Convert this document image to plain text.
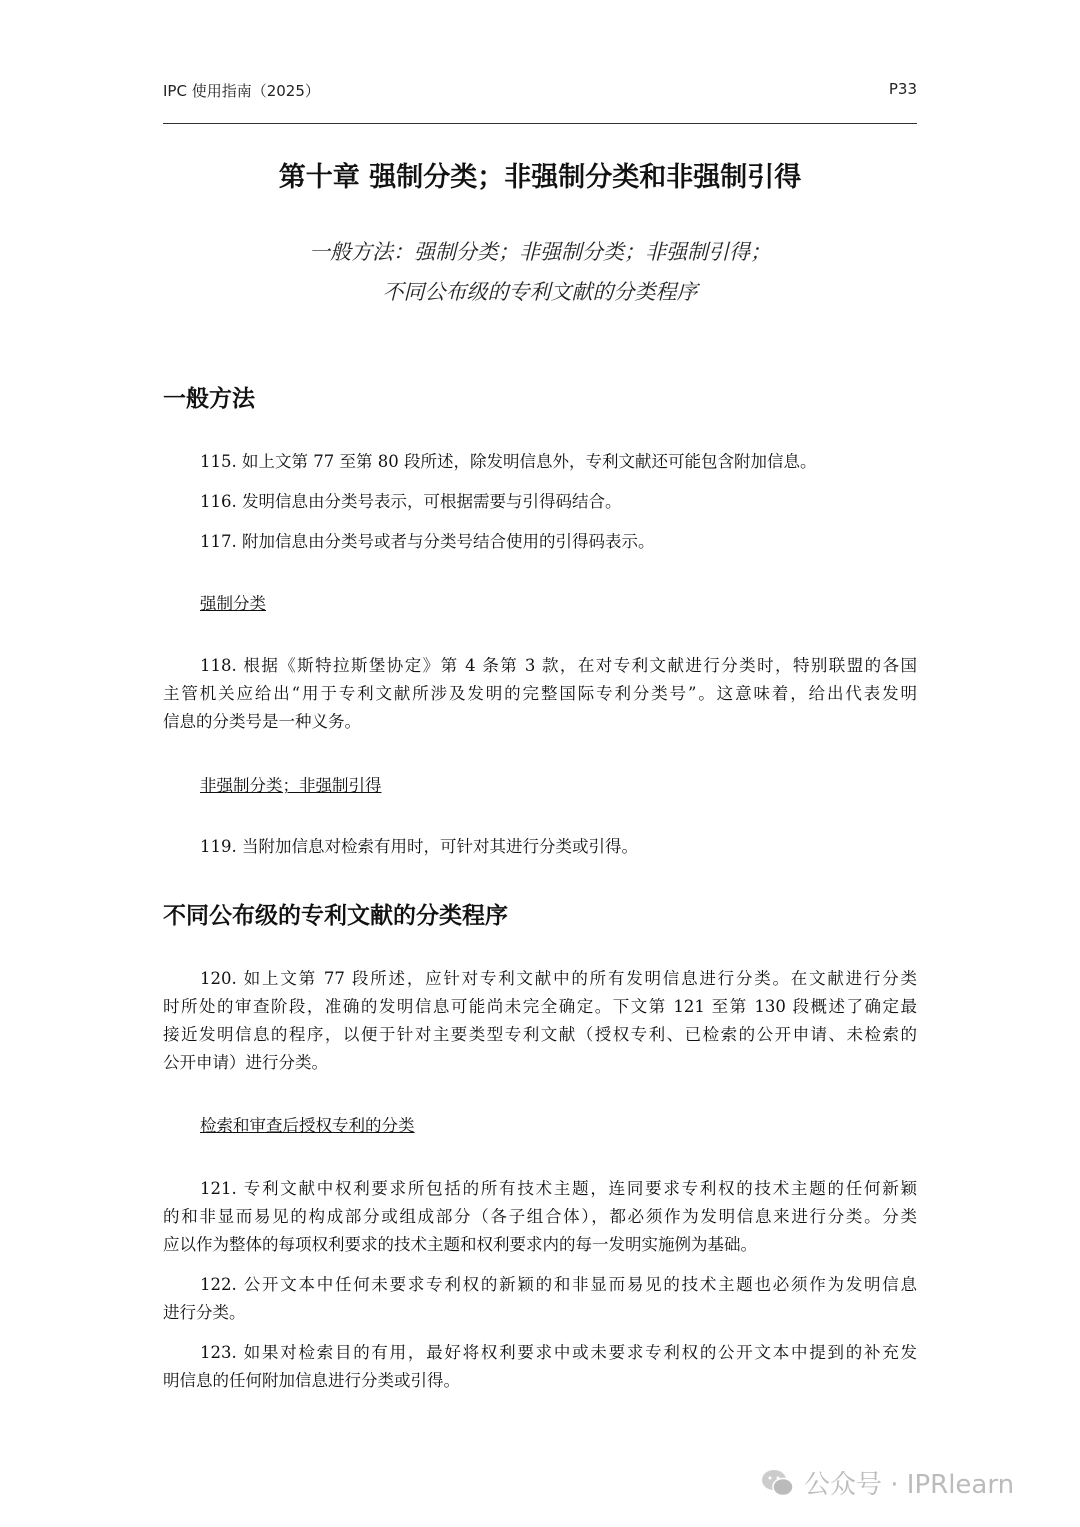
IPC 使用指南（2025）	P33
第十章 强制分类；非强制分类和非强制引得
一般方法：强制分类；非强制分类；非强制引得；
不同公布级的专利文献的分类程序
一般方法
115. 如上文第 77 至第 80 段所述，除发明信息外，专利文献还可能包含附加信息。
116. 发明信息由分类号表示，可根据需要与引得码结合。
117. 附加信息由分类号或者与分类号结合使用的引得码表示。
强制分类
118. 根据《斯特拉斯堡协定》第 4 条第 3 款，在对专利文献进行分类时，特别联盟的各国
主管机关应给出“用于专利文献所涉及发明的完整国际专利分类号”。这意味着，给出代表发明
信息的分类号是一种义务。
非强制分类；非强制引得
119. 当附加信息对检索有用时，可针对其进行分类或引得。
不同公布级的专利文献的分类程序
120. 如上文第 77 段所述，应针对专利文献中的所有发明信息进行分类。在文献进行分类
时所处的审查阶段，准确的发明信息可能尚未完全确定。下文第 121 至第 130 段概述了确定最
接近发明信息的程序，以便于针对主要类型专利文献（授权专利、已检索的公开申请、未检索的
公开申请）进行分类。
检索和审查后授权专利的分类
121. 专利文献中权利要求所包括的所有技术主题，连同要求专利权的技术主题的任何新颖
的和非显而易见的构成部分或组成部分（各子组合体），都必须作为发明信息来进行分类。分类
应以作为整体的每项权利要求的技术主题和权利要求内的每一发明实施例为基础。
122. 公开文本中任何未要求专利权的新颖的和非显而易见的技术主题也必须作为发明信息
进行分类。
123. 如果对检索目的有用，最好将权利要求中或未要求专利权的公开文本中提到的补充发
明信息的任何附加信息进行分类或引得。
公众号 · IPRlearn
